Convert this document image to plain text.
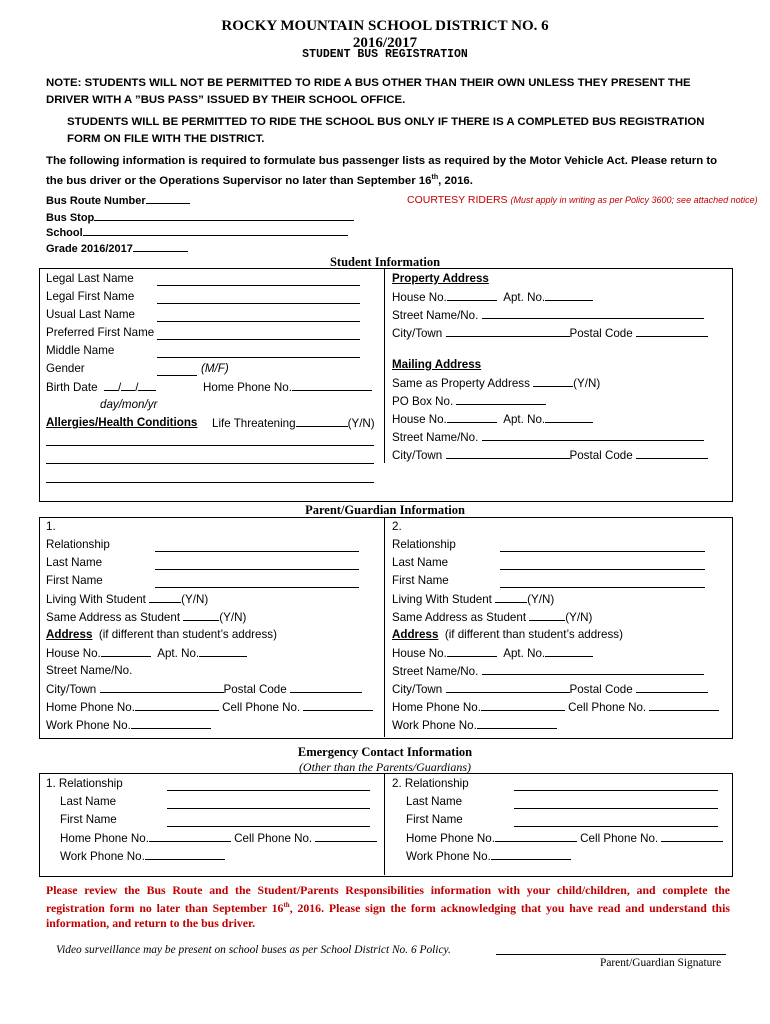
ROCKY MOUNTAIN SCHOOL DISTRICT NO. 6
2016/2017
STUDENT BUS REGISTRATION
NOTE: STUDENTS WILL NOT BE PERMITTED TO RIDE A BUS OTHER THAN THEIR OWN UNLESS THEY PRESENT THE DRIVER WITH A ”BUS PASS” ISSUED BY THEIR SCHOOL OFFICE.
STUDENTS WILL BE PERMITTED TO RIDE THE SCHOOL BUS ONLY IF THERE IS A COMPLETED BUS REGISTRATION FORM ON FILE WITH THE DISTRICT.
The following information is required to formulate bus passenger lists as required by the Motor Vehicle Act. Please return to the bus driver or the Operations Supervisor no later than September 16th, 2016.
Bus Route Number
Bus Stop
School
Grade 2016/2017
COURTESY RIDERS (Must apply in writing as per Policy 3600; see attached notice)
Student Information
Legal Last Name
Legal First Name
Usual Last Name
Preferred First Name
Middle Name
Gender	(M/F)
Birth Date / /	Home Phone No.
day/mon/yr
Allergies/Health Conditions Life Threatening	(Y/N)
Property Address
House No.	Apt. No.
Street Name/No.
City/Town	Postal Code
Mailing Address
Same as Property Address	(Y/N)
PO Box No.
House No.	Apt. No.
Street Name/No.
City/Town	Postal Code
Parent/Guardian Information
1.
Relationship
Last Name
First Name
Living With Student	(Y/N)
Same Address as Student	(Y/N)
Address (if different than student’s address)
House No.	Apt. No.
Street Name/No.
City/Town	Postal Code
Home Phone No.	Cell Phone No.
Work Phone No.
2.
Relationship
Last Name
First Name
Living With Student	(Y/N)
Same Address as Student	(Y/N)
Address (if different than student’s address)
House No.	Apt. No.
Street Name/No.
City/Town	Postal Code
Home Phone No.	Cell Phone No.
Work Phone No.
Emergency Contact Information
(Other than the Parents/Guardians)
1. Relationship
Last Name
First Name
Home Phone No.	Cell Phone No.
Work Phone No.
2. Relationship
Last Name
First Name
Home Phone No.	Cell Phone No.
Work Phone No.
Please review the Bus Route and the Student/Parents Responsibilities information with your child/children, and complete the registration form no later than September 16th, 2016. Please sign the form acknowledging that you have read and understand this information, and return to the bus driver.
Video surveillance may be present on school buses as per School District No. 6 Policy.
Parent/Guardian Signature
